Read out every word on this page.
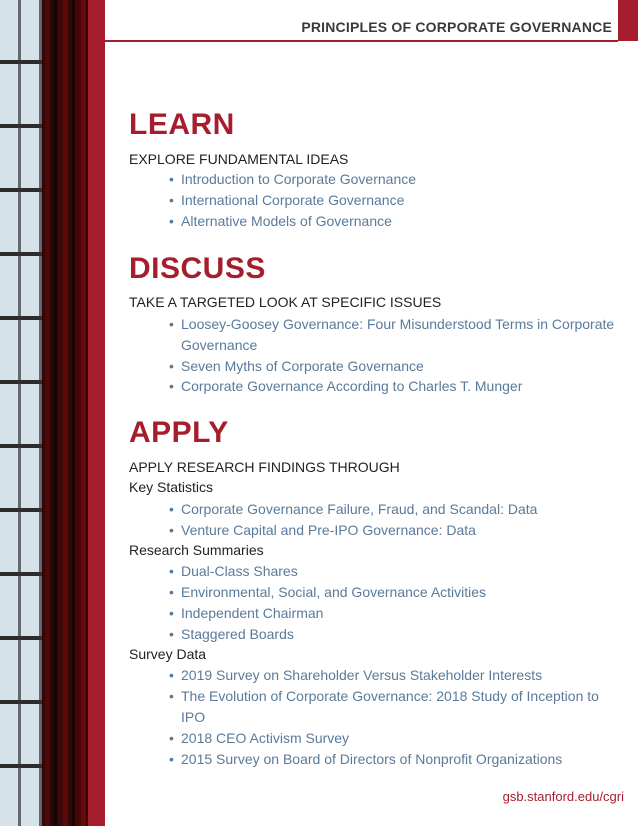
PRINCIPLES OF CORPORATE GOVERNANCE
LEARN
EXPLORE FUNDAMENTAL IDEAS
• Introduction to Corporate Governance
• International Corporate Governance
• Alternative Models of Governance
DISCUSS
TAKE A TARGETED LOOK AT SPECIFIC ISSUES
• Loosey-Goosey Governance: Four Misunderstood Terms in Corporate Governance
• Seven Myths of Corporate Governance
• Corporate Governance According to Charles T. Munger
APPLY
APPLY RESEARCH FINDINGS THROUGH
Key Statistics
• Corporate Governance Failure, Fraud, and Scandal: Data
• Venture Capital and Pre-IPO Governance: Data
Research Summaries
• Dual-Class Shares
• Environmental, Social, and Governance Activities
• Independent Chairman
• Staggered Boards
Survey Data
• 2019 Survey on Shareholder Versus Stakeholder Interests
• The Evolution of Corporate Governance: 2018 Study of Inception to IPO
• 2018 CEO Activism Survey
• 2015 Survey on Board of Directors of Nonprofit Organizations
gsb.stanford.edu/cgri
